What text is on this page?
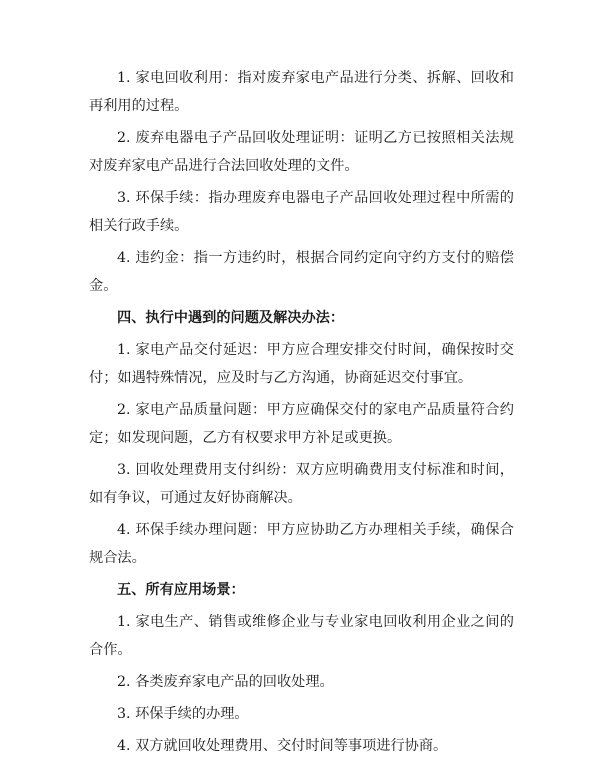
1. 家电回收利用：指对废弃家电产品进行分类、拆解、回收和再利用的过程。

2. 废弃电器电子产品回收处理证明：证明乙方已按照相关法规对废弃家电产品进行合法回收处理的文件。

3. 环保手续：指办理废弃电器电子产品回收处理过程中所需的相关行政手续。

4. 违约金：指一方违约时，根据合同约定向守约方支付的赔偿金。

四、执行中遇到的问题及解决办法：

1. 家电产品交付延迟：甲方应合理安排交付时间，确保按时交付；如遇特殊情况，应及时与乙方沟通，协商延迟交付事宜。

2. 家电产品质量问题：甲方应确保交付的家电产品质量符合约定；如发现问题，乙方有权要求甲方补足或更换。

3. 回收处理费用支付纠纷：双方应明确费用支付标准和时间，如有争议，可通过友好协商解决。

4. 环保手续办理问题：甲方应协助乙方办理相关手续，确保合规合法。

五、所有应用场景：

1. 家电生产、销售或维修企业与专业家电回收利用企业之间的合作。

2. 各类废弃家电产品的回收处理。

3. 环保手续的办理。

4. 双方就回收处理费用、交付时间等事项进行协商。
